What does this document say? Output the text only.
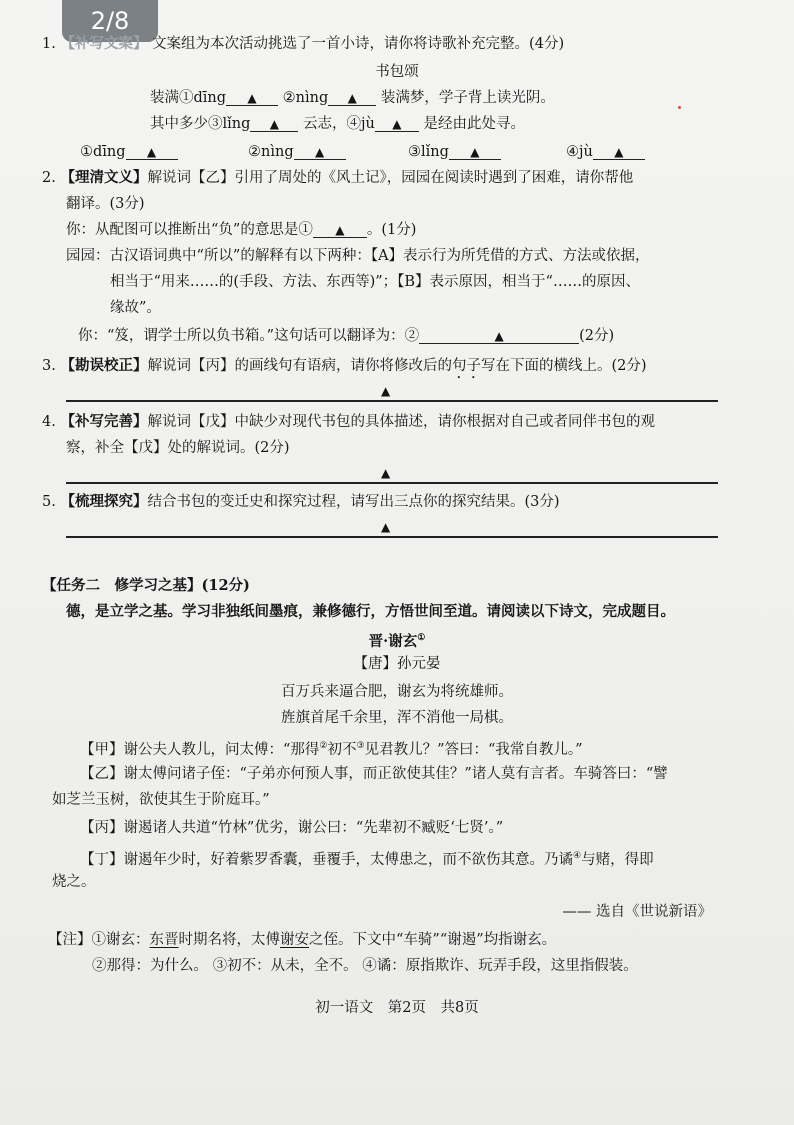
2/8
1. 【补写文案】 文案组为本次活动挑选了一首小诗，请你将诗歌补充完整。(4分)
书包颂
装满①dīng ▲ ②nìng ▲ 装满梦，学子背上读光阴。
其中多少③lǐng ▲ 云志，④jù ▲ 是经由此处寻。
①dīng ▲	②nìng ▲	③lǐng ▲	④jù ▲
2. 【理清文义】解说词【乙】引用了周处的《风土记》，园园在阅读时遇到了困难，请你帮他
翻译。(3分)
你：从配图可以推断出“负”的意思是① ▲ 。(1分)
园园：古汉语词典中“所以”的解释有以下两种：【A】表示行为所凭借的方式、方法或依据，
相当于“用来……的(手段、方法、东西等)”；【B】表示原因，相当于“……的原因、
缘故”。
你：“笈，谓学士所以负书箱。”这句话可以翻译为：②	▲	(2分)
3. 【勘误校正】解说词【丙】的画线句有语病，请你将修改后的句子写在下面的横线上。(2分)
▲
4. 【补写完善】解说词【戊】中缺少对现代书包的具体描述，请你根据对自己或者同伴书包的观
察，补全【戊】处的解说词。(2分)
▲
5. 【梳理探究】结合书包的变迁史和探究过程，请写出三点你的探究结果。(3分)
▲
【任务二　修学习之基】(12分)
德，是立学之基。学习非独纸间墨痕，兼修德行，方悟世间至道。请阅读以下诗文，完成题目。
晋·谢玄①
【唐】孙元晏
百万兵来逼合肥，谢玄为将统雄师。
旌旗首尾千余里，浑不消他一局棋。
【甲】谢公夫人教儿，问太傅：“那得②初不③见君教儿？”答曰：“我常自教儿。”
【乙】谢太傅问诸子侄：“子弟亦何预人事，而正欲使其佳？”诸人莫有言者。车骑答曰：“譬
如芝兰玉树，欲使其生于阶庭耳。”
【丙】谢遏诸人共道“竹林”优劣，谢公曰：“先辈初不臧贬‘七贤’。”
【丁】谢遏年少时，好着紫罗香囊，垂覆手，太傅患之，而不欲伤其意。乃谲④与赌，得即
烧之。
—— 选自《世说新语》
【注】①谢玄：东晋时期名将，太傅谢安之侄。下文中“车骑”“谢遏”均指谢玄。
②那得：为什么。 ③初不：从未，全不。 ④谲：原指欺诈、玩弄手段，这里指假装。
初一语文　第2页　共8页
